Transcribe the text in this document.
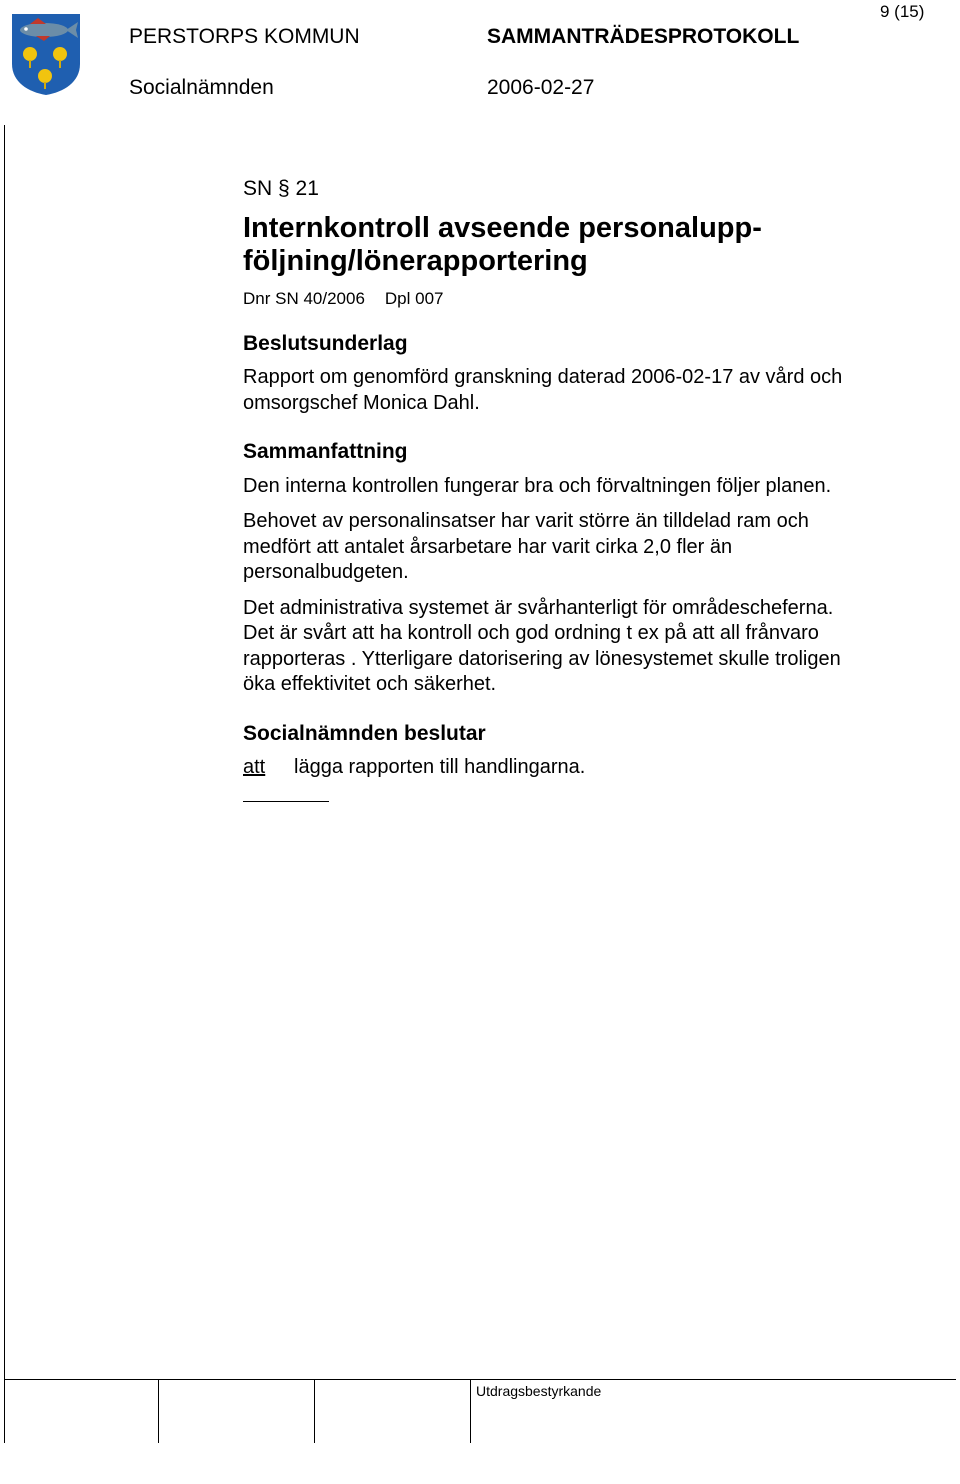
PERSTORPS KOMMUN	SAMMANTRÄDESPROTOKOLL
Socialnämnden	2006-02-27
9 (15)

SN § 21

Internkontroll avseende personalupp-
följning/lönerapportering

Dnr SN 40/2006 Dpl 007

Beslutsunderlag

Rapport om genomförd granskning daterad 2006-02-17 av vård och omsorgschef Monica Dahl.

Sammanfattning

Den interna kontrollen fungerar bra och förvaltningen följer planen.

Behovet av personalinsatser har varit större än tilldelad ram och medfört att antalet årsarbetare har varit cirka 2,0 fler än personalbudgeten.

Det administrativa systemet är svårhanterligt för områdescheferna. Det är svårt att ha kontroll och god ordning t ex på att all frånvaro rapporteras . Ytterligare datorisering av lönesystemet skulle troligen öka effektivitet och säkerhet.

Socialnämnden beslutar

att lägga rapporten till handlingarna.

Utdragsbestyrkande
